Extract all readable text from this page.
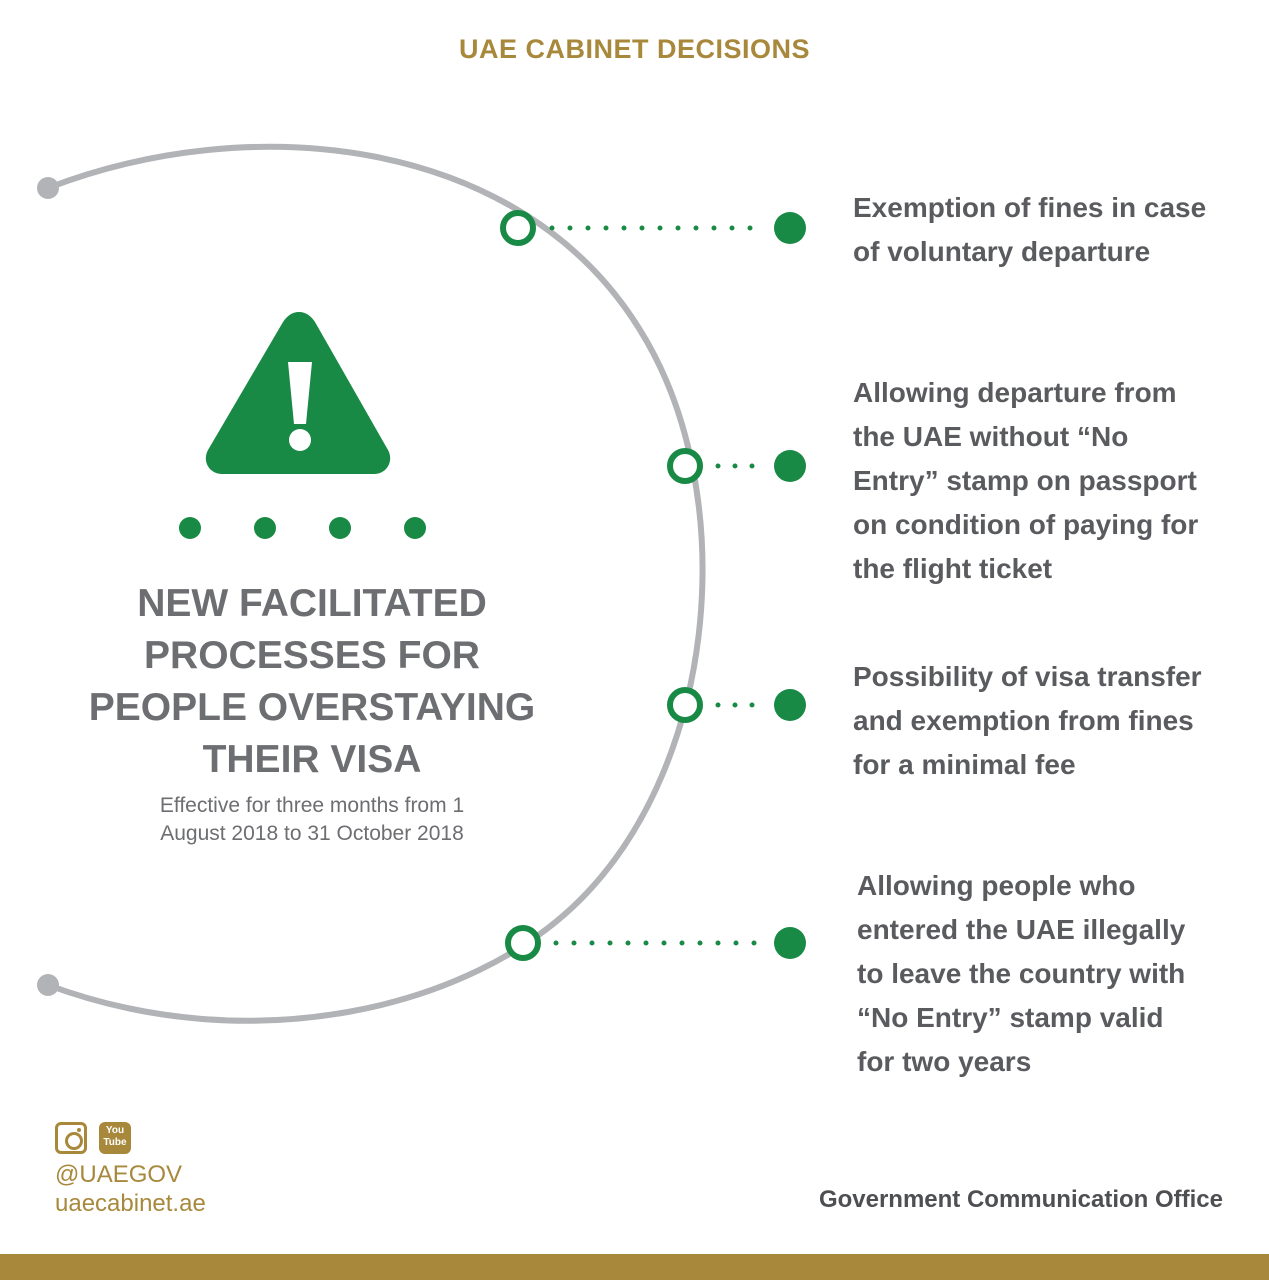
UAE CABINET DECISIONS
NEW FACILITATED
PROCESSES FOR
PEOPLE OVERSTAYING
THEIR VISA
Effective for three months from 1
August 2018 to 31 October 2018
Exemption of fines in case
of voluntary departure
Allowing departure from
the UAE without “No
Entry” stamp on passport
on condition of paying for
the flight ticket
Possibility of visa transfer
and exemption from fines
for a minimal fee
Allowing people who
entered the UAE illegally
to leave the country with
“No Entry” stamp valid
for two years
You
Tube
@UAEGOV
uaecabinet.ae	Government Communication Office
